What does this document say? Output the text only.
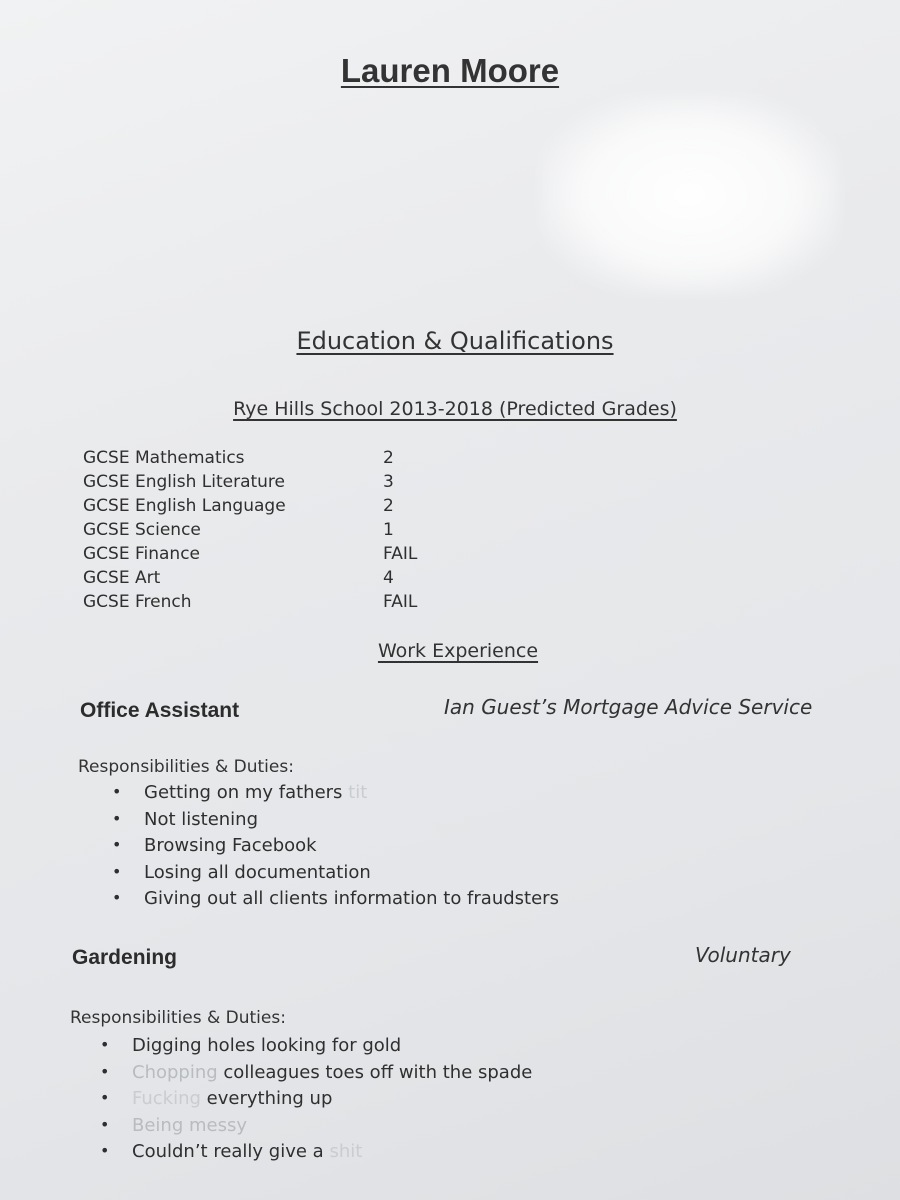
Lauren Moore
Education & Qualifications
Rye Hills School 2013-2018 (Predicted Grades)
GCSE Mathematics	2
GCSE English Literature	3
GCSE English Language	2
GCSE Science	1
GCSE Finance	FAIL
GCSE Art	4
GCSE French	FAIL
Work Experience
Office Assistant	Ian Guest’s Mortgage Advice Service
Responsibilities & Duties:
• Getting on my fathers tit
• Not listening
• Browsing Facebook
• Losing all documentation
• Giving out all clients information to fraudsters
Gardening	Voluntary
Responsibilities & Duties:
• Digging holes looking for gold
• Chopping colleagues toes off with the spade
• Fucking everything up
• Being messy
• Couldn’t really give a shit
